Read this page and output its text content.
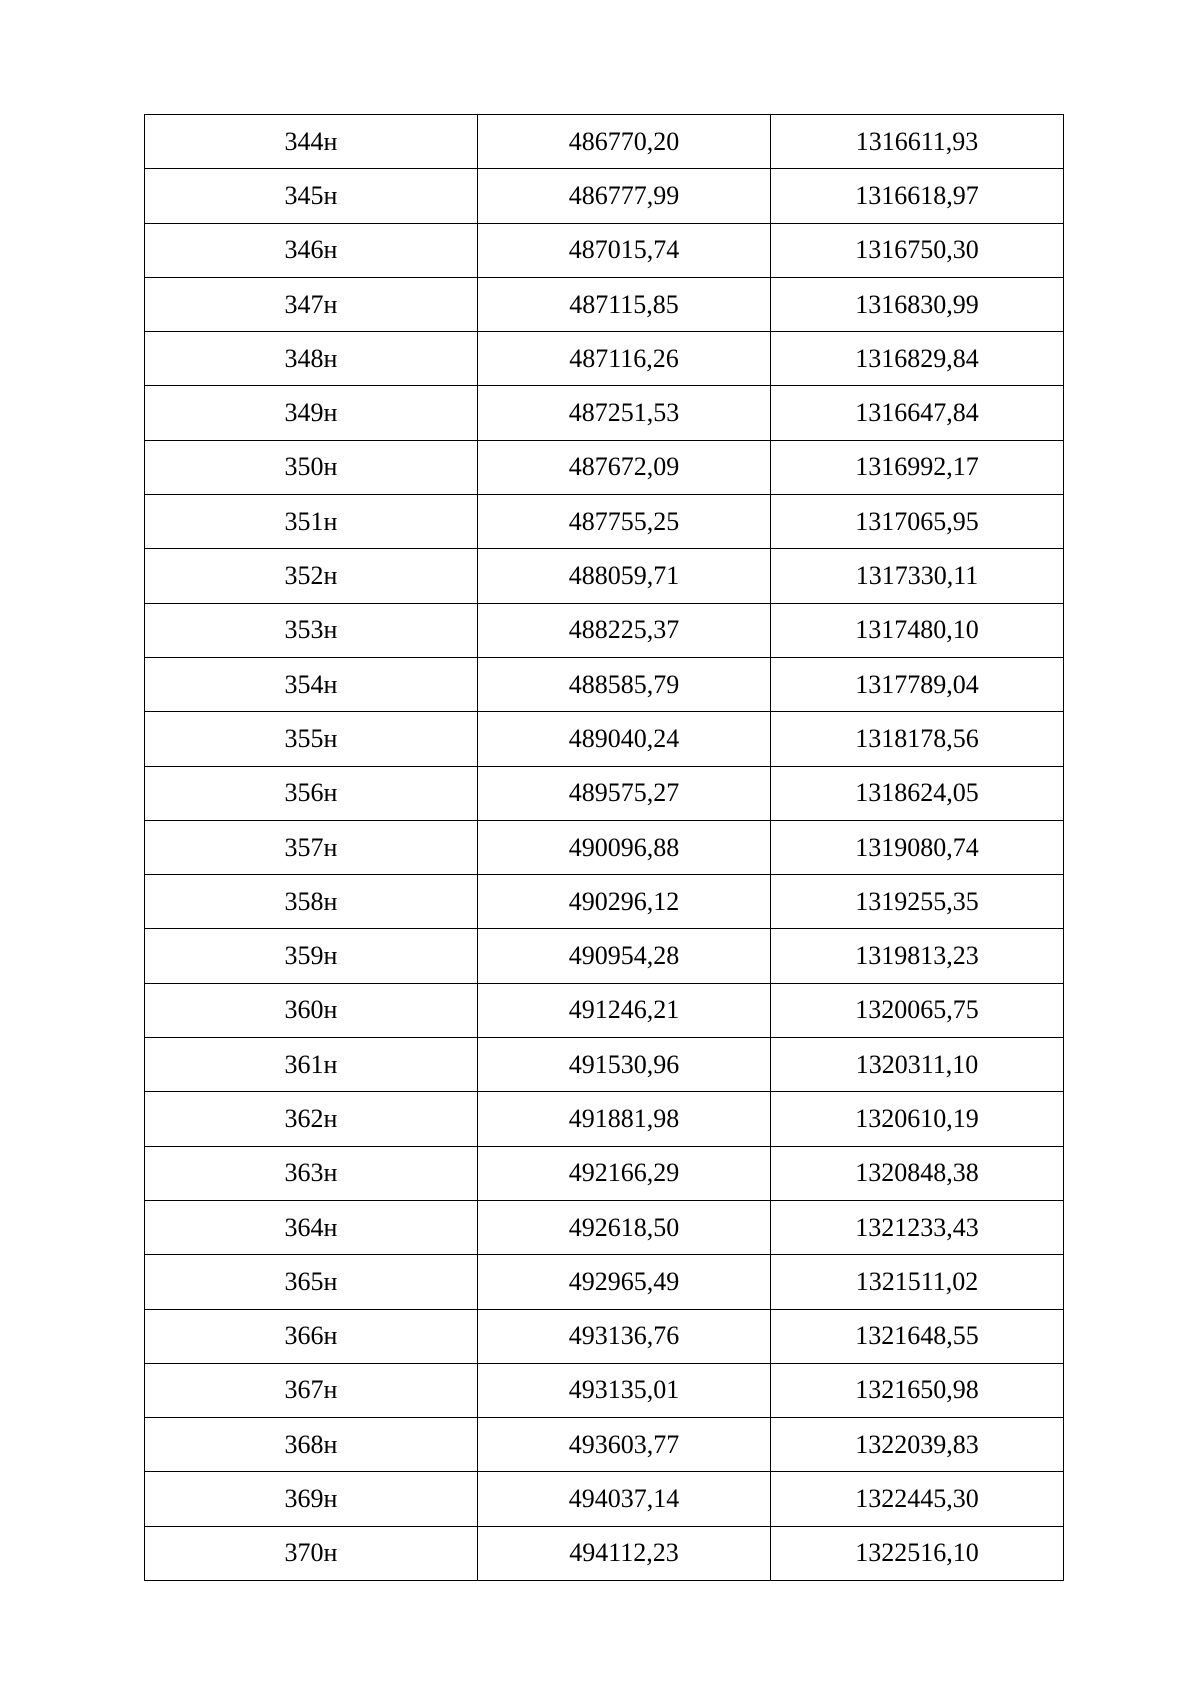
344н	486770,20	1316611,93
345н	486777,99	1316618,97
346н	487015,74	1316750,30
347н	487115,85	1316830,99
348н	487116,26	1316829,84
349н	487251,53	1316647,84
350н	487672,09	1316992,17
351н	487755,25	1317065,95
352н	488059,71	1317330,11
353н	488225,37	1317480,10
354н	488585,79	1317789,04
355н	489040,24	1318178,56
356н	489575,27	1318624,05
357н	490096,88	1319080,74
358н	490296,12	1319255,35
359н	490954,28	1319813,23
360н	491246,21	1320065,75
361н	491530,96	1320311,10
362н	491881,98	1320610,19
363н	492166,29	1320848,38
364н	492618,50	1321233,43
365н	492965,49	1321511,02
366н	493136,76	1321648,55
367н	493135,01	1321650,98
368н	493603,77	1322039,83
369н	494037,14	1322445,30
370н	494112,23	1322516,10
